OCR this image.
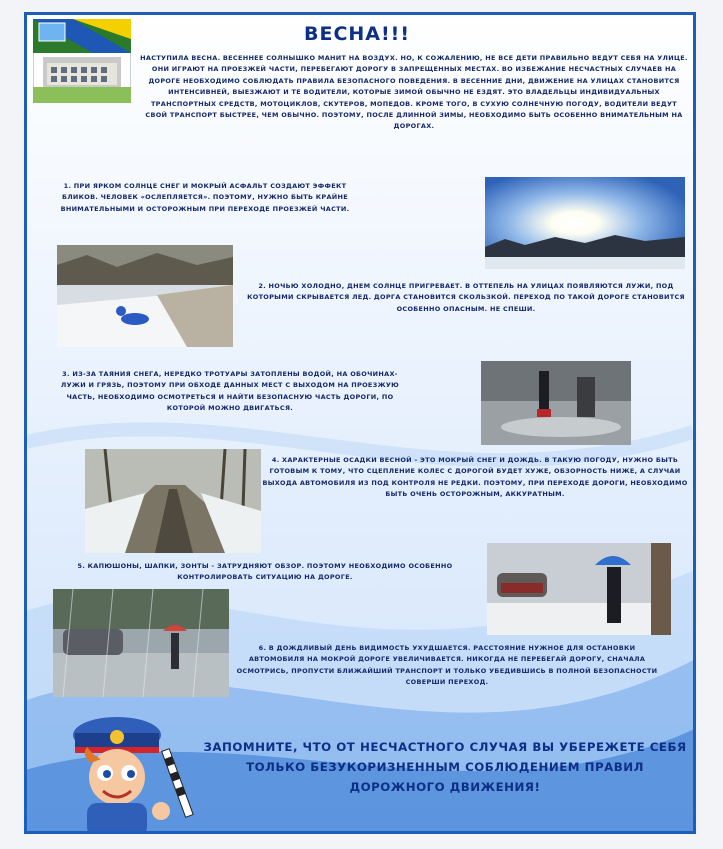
ВЕСНА!!!
НАСТУПИЛА ВЕСНА. ВЕСЕННЕЕ СОЛНЫШКО МАНИТ НА ВОЗДУХ. НО, К СОЖАЛЕНИЮ, НЕ ВСЕ ДЕТИ ПРАВИЛЬНО ВЕДУТ СЕБЯ НА УЛИЦЕ. ОНИ ИГРАЮТ НА ПРОЕЗЖЕЙ ЧАСТИ, ПЕРЕБЕГАЮТ ДОРОГУ В ЗАПРЕЩЕННЫХ МЕСТАХ. ВО ИЗБЕЖАНИЕ НЕСЧАСТНЫХ СЛУЧАЕВ НА ДОРОГЕ НЕОБХОДИМО СОБЛЮДАТЬ ПРАВИЛА БЕЗОПАСНОГО ПОВЕДЕНИЯ. В ВЕСЕННИЕ ДНИ, ДВИЖЕНИЕ НА УЛИЦАХ СТАНОВИТСЯ ИНТЕНСИВНЕЙ, ВЫЕЗЖАЮТ И ТЕ ВОДИТЕЛИ, КОТОРЫЕ ЗИМОЙ ОБЫЧНО НЕ ЕЗДЯТ. ЭТО ВЛАДЕЛЬЦЫ ИНДИВИДУАЛЬНЫХ ТРАНСПОРТНЫХ СРЕДСТВ, МОТОЦИКЛОВ, СКУТЕРОВ, МОПЕДОВ. КРОМЕ ТОГО, В СУХУЮ СОЛНЕЧНУЮ ПОГОДУ, ВОДИТЕЛИ ВЕДУТ СВОЙ ТРАНСПОРТ БЫСТРЕЕ, ЧЕМ ОБЫЧНО. ПОЭТОМУ, ПОСЛЕ ДЛИННОЙ ЗИМЫ, НЕОБХОДИМО БЫТЬ ОСОБЕННО ВНИМАТЕЛЬНЫМ НА ДОРОГАХ.
1. ПРИ ЯРКОМ СОЛНЦЕ СНЕГ И МОКРЫЙ АСФАЛЬТ СОЗДАЮТ ЭФФЕКТ БЛИКОВ. ЧЕЛОВЕК «ОСЛЕПЛЯЕТСЯ». ПОЭТОМУ, НУЖНО БЫТЬ КРАЙНЕ ВНИМАТЕЛЬНЫМИ И ОСТОРОЖНЫМ ПРИ ПЕРЕХОДЕ ПРОЕЗЖЕЙ ЧАСТИ.
2. НОЧЬЮ ХОЛОДНО, ДНЕМ СОЛНЦЕ ПРИГРЕВАЕТ. В ОТТЕПЕЛЬ НА УЛИЦАХ ПОЯВЛЯЮТСЯ ЛУЖИ, ПОД КОТОРЫМИ СКРЫВАЕТСЯ ЛЕД. ДОРГА СТАНОВИТСЯ СКОЛЬЗКОЙ. ПЕРЕХОД ПО ТАКОЙ ДОРОГЕ СТАНОВИТСЯ ОСОБЕННО ОПАСНЫМ. НЕ СПЕШИ.
3. ИЗ-ЗА ТАЯНИЯ СНЕГА, НЕРЕДКО ТРОТУАРЫ ЗАТОПЛЕНЫ ВОДОЙ, НА ОБОЧИНАХ-ЛУЖИ И ГРЯЗЬ, ПОЭТОМУ ПРИ ОБХОДЕ ДАННЫХ МЕСТ С ВЫХОДОМ НА ПРОЕЗЖУЮ ЧАСТЬ, НЕОБХОДИМО ОСМОТРЕТЬСЯ И НАЙТИ БЕЗОПАСНУЮ ЧАСТЬ ДОРОГИ, ПО КОТОРОЙ МОЖНО ДВИГАТЬСЯ.
4. ХАРАКТЕРНЫЕ ОСАДКИ ВЕСНОЙ - ЭТО МОКРЫЙ СНЕГ И ДОЖДЬ. В ТАКУЮ ПОГОДУ, НУЖНО БЫТЬ ГОТОВЫМ К ТОМУ, ЧТО СЦЕПЛЕНИЕ КОЛЕС С ДОРОГОЙ БУДЕТ ХУЖЕ, ОБЗОРНОСТЬ НИЖЕ, А СЛУЧАИ ВЫХОДА АВТОМОБИЛЯ ИЗ ПОД КОНТРОЛЯ НЕ РЕДКИ. ПОЭТОМУ, ПРИ ПЕРЕХОДЕ ДОРОГИ, НЕОБХОДИМО БЫТЬ ОЧЕНЬ ОСТОРОЖНЫМ, АККУРАТНЫМ.
5. КАПЮШОНЫ, ШАПКИ, ЗОНТЫ - ЗАТРУДНЯЮТ ОБЗОР. ПОЭТОМУ НЕОБХОДИМО ОСОБЕННО КОНТРОЛИРОВАТЬ СИТУАЦИЮ НА ДОРОГЕ.
6. В ДОЖДЛИВЫЙ ДЕНЬ ВИДИМОСТЬ УХУДШАЕТСЯ. РАССТОЯНИЕ НУЖНОЕ ДЛЯ ОСТАНОВКИ АВТОМОБИЛЯ НА МОКРОЙ ДОРОГЕ УВЕЛИЧИВАЕТСЯ. НИКОГДА НЕ ПЕРЕБЕГАЙ ДОРОГУ, СНАЧАЛА ОСМОТРИСЬ, ПРОПУСТИ БЛИЖАЙШИЙ ТРАНСПОРТ И ТОЛЬКО УБЕДИВШИСЬ В ПОЛНОЙ БЕЗОПАСНОСТИ СОВЕРШИ ПЕРЕХОД.
ЗАПОМНИТЕ, ЧТО ОТ НЕСЧАСТНОГО СЛУЧАЯ ВЫ УБЕРЕЖЕТЕ СЕБЯ ТОЛЬКО БЕЗУКОРИЗНЕННЫМ СОБЛЮДЕНИЕМ ПРАВИЛ ДОРОЖНОГО ДВИЖЕНИЯ!
